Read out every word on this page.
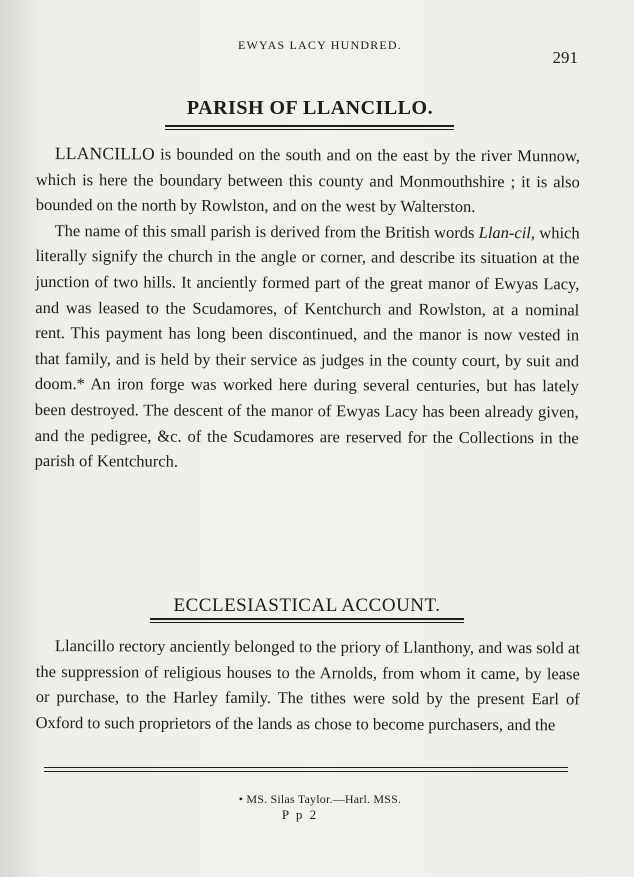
EWYAS LACY HUNDRED.
291
PARISH OF LLANCILLO.

LLANCILLO is bounded on the south and on the east by the river Munnow, which is here the boundary between this county and Monmouthshire ; it is also bounded on the north by Rowlston, and on the west by Walterston.

The name of this small parish is derived from the British words Llan-cil, which literally signify the church in the angle or corner, and describe its situation at the junction of two hills. It anciently formed part of the great manor of Ewyas Lacy, and was leased to the Scudamores, of Kentchurch and Rowlston, at a nominal rent. This payment has long been discontinued, and the manor is now vested in that family, and is held by their service as judges in the county court, by suit and doom.* An iron forge was worked here during several centuries, but has lately been destroyed. The descent of the manor of Ewyas Lacy has been already given, and the pedigree, &c. of the Scudamores are reserved for the Collections in the parish of Kentchurch.

ECCLESIASTICAL ACCOUNT.

Llancillo rectory anciently belonged to the priory of Llanthony, and was sold at the suppression of religious houses to the Arnolds, from whom it came, by lease or purchase, to the Harley family. The tithes were sold by the present Earl of Oxford to such proprietors of the lands as chose to become purchasers, and the

• MS. Silas Taylor.—Harl. MSS.
P p 2
